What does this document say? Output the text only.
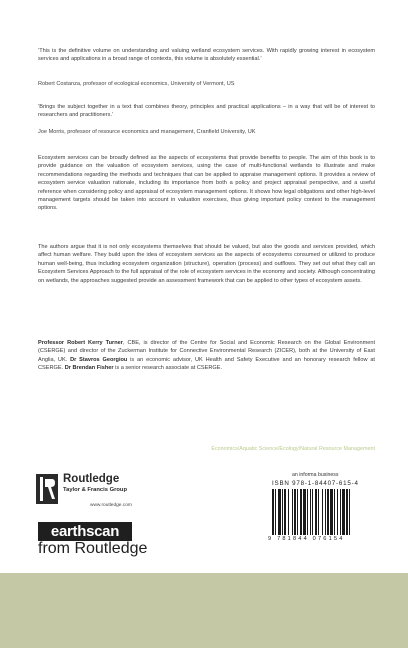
‘This is the definitive volume on understanding and valuing wetland ecosystem services. With rapidly growing interest in ecosystem services and applications in a broad range of contexts, this volume is absolutely essential.’

Robert Costanza, professor of ecological economics, University of Vermont, US

‘Brings the subject together in a text that combines theory, principles and practical applications – in a way that will be of interest to researchers and practitioners.’

Joe Morris, professor of resource economics and management, Cranfield University, UK
Ecosystem services can be broadly defined as the aspects of ecosystems that provide benefits to people. The aim of this book is to provide guidance on the valuation of ecosystem services, using the case of multi-functional wetlands to illustrate and make recommendations regarding the methods and techniques that can be applied to appraise management options. It provides a review of ecosystem service valuation rationale, including its importance from both a policy and project appraisal perspective, and a useful reference when considering policy and appraisal of ecosystem management options. It shows how legal obligations and other high-level management targets should be taken into account in valuation exercises, thus giving important policy context to the management options.
The authors argue that it is not only ecosystems themselves that should be valued, but also the goods and services provided, which affect human welfare. They build upon the idea of ecosystem services as the aspects of ecosystems consumed or utilized to produce human well-being, thus including ecosystem organization (structure), operation (process) and outflows. They set out what they call an Ecosystem Services Approach to the full appraisal of the role of ecosystem services in the economy and society. Although concentrating on wetlands, the approaches suggested provide an assessment framework that can be applied to other types of ecosystem assets.
Professor Robert Kerry Turner, CBE, is director of the Centre for Social and Economic Research on the Global Environment (CSERGE) and director of the Zuckerman Institute for Connective Environmental Research (ZICER), both at the University of East Anglia, UK. Dr Stavros Georgiou is an economic advisor, UK Health and Safety Executive and an honorary research fellow at CSERGE. Dr Brendan Fisher is a senior research associate at CSERGE.
Economics/Aquatic Science/Ecology/Natural Resource Management
Routledge
Taylor & Francis Group
www.routledge.com
earthscan
from Routledge
an informa business
ISBN 978-1-84407-615-4
9 781844 076154
